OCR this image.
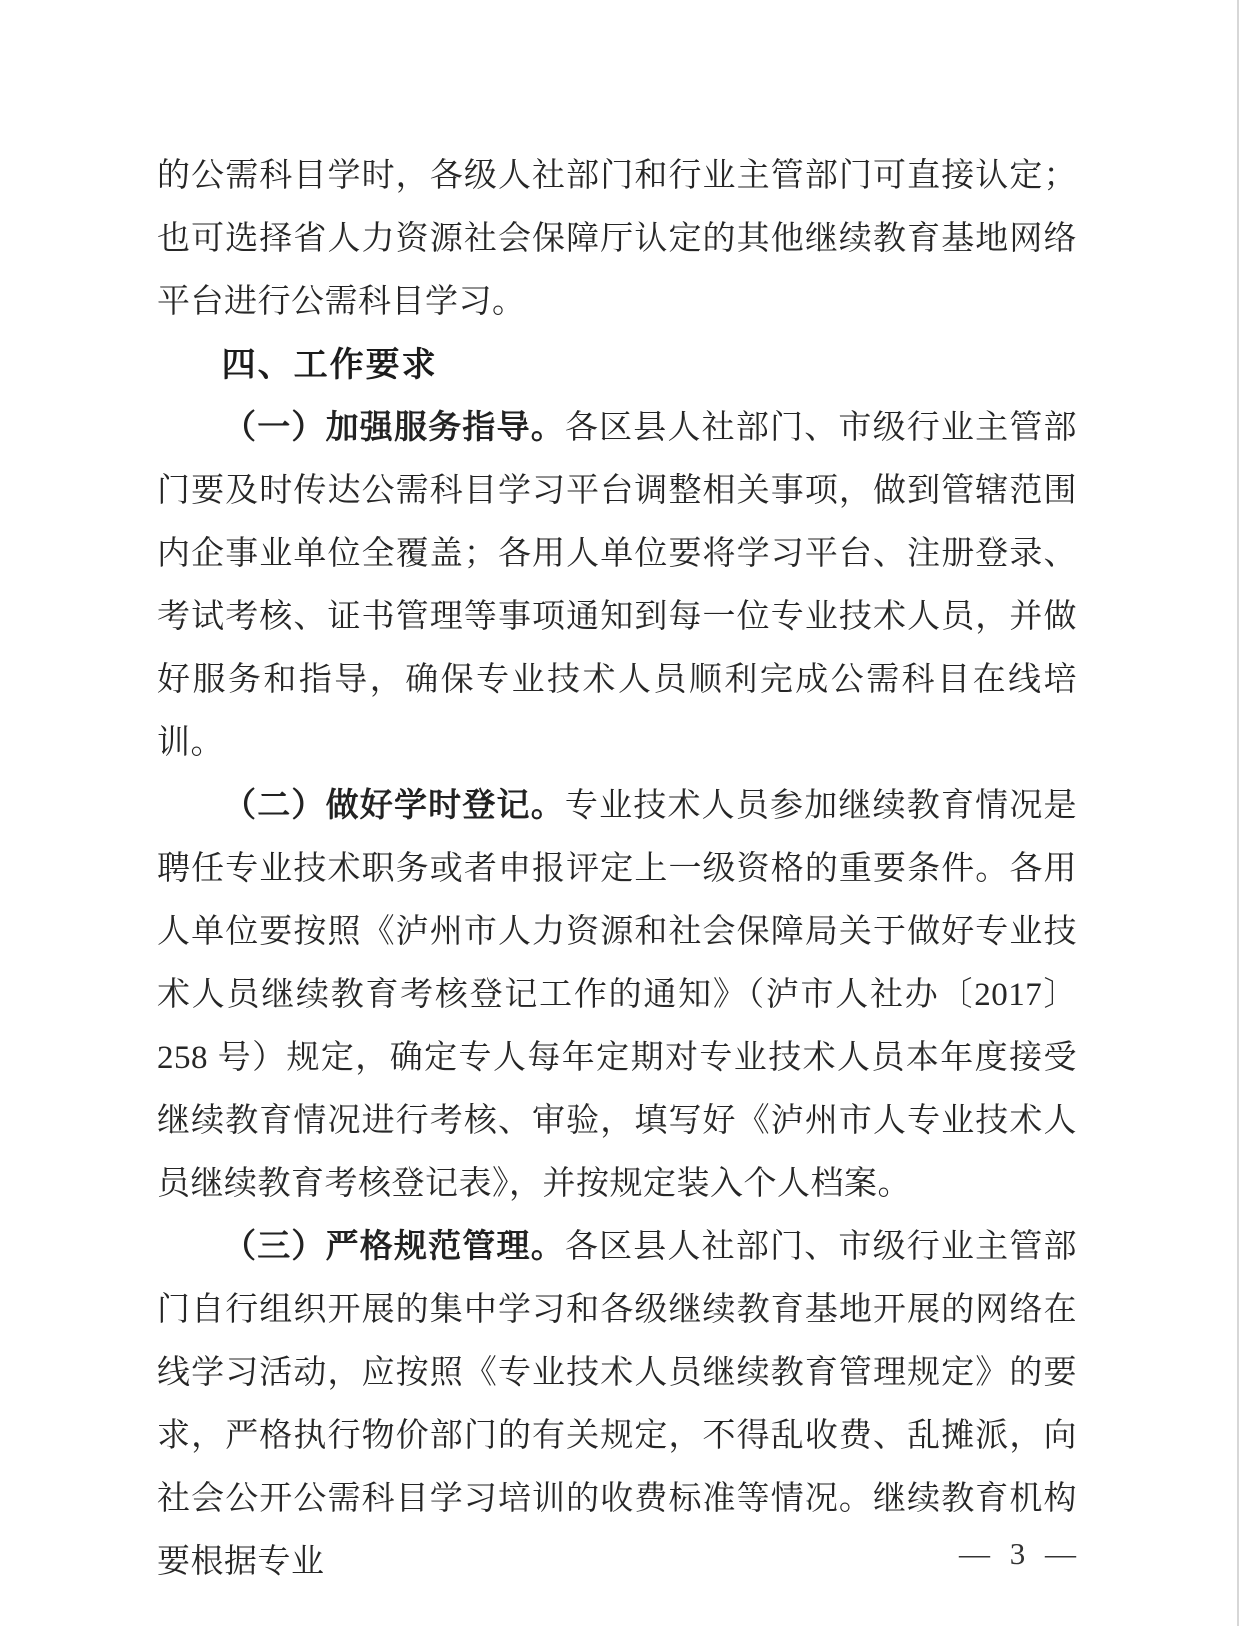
的公需科目学时，各级人社部门和行业主管部门可直接认定；也可选择省人力资源社会保障厅认定的其他继续教育基地网络平台进行公需科目学习。

四、工作要求

（一）加强服务指导。各区县人社部门、市级行业主管部门要及时传达公需科目学习平台调整相关事项，做到管辖范围内企事业单位全覆盖；各用人单位要将学习平台、注册登录、考试考核、证书管理等事项通知到每一位专业技术人员，并做好服务和指导，确保专业技术人员顺利完成公需科目在线培训。

（二）做好学时登记。专业技术人员参加继续教育情况是聘任专业技术职务或者申报评定上一级资格的重要条件。各用人单位要按照《泸州市人力资源和社会保障局关于做好专业技术人员继续教育考核登记工作的通知》（泸市人社办〔2017〕258 号）规定，确定专人每年定期对专业技术人员本年度接受继续教育情况进行考核、审验，填写好《泸州市人专业技术人员继续教育考核登记表》，并按规定装入个人档案。

（三）严格规范管理。各区县人社部门、市级行业主管部门自行组织开展的集中学习和各级继续教育基地开展的网络在线学习活动，应按照《专业技术人员继续教育管理规定》的要求，严格执行物价部门的有关规定，不得乱收费、乱摊派，向社会公开公需科目学习培训的收费标准等情况。继续教育机构要根据专业	— 3 —
